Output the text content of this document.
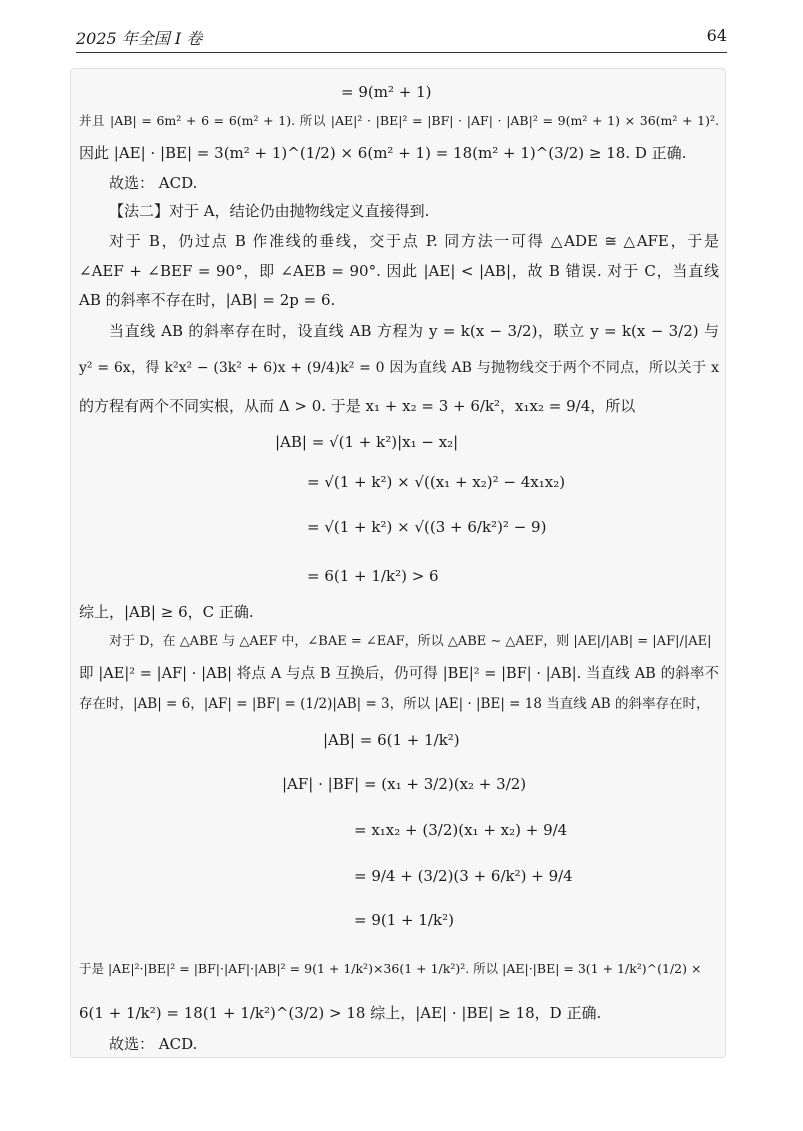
2025 年全国 I 卷	64
= 9(m² + 1)
并且 |AB| = 6m² + 6 = 6(m² + 1). 所以 |AE|² · |BE|² = |BF| · |AF| · |AB|² = 9(m² + 1) × 36(m² + 1)².
因此 |AE| · |BE| = 3(m² + 1)^(1/2) × 6(m² + 1) = 18(m² + 1)^(3/2) ≥ 18. D 正确.
故选： ACD.
【法二】对于 A，结论仍由抛物线定义直接得到.
对于 B，仍过点 B 作准线的垂线，交于点 P. 同方法一可得 △ADE ≅ △AFE，于是
∠AEF + ∠BEF = 90°，即 ∠AEB = 90°. 因此 |AE| < |AB|，故 B 错误. 对于 C，当直线
AB 的斜率不存在时，|AB| = 2p = 6.
当直线 AB 的斜率存在时，设直线 AB 方程为 y = k(x − 3/2)，联立 y = k(x − 3/2) 与
y² = 6x，得 k²x² − (3k² + 6)x + (9/4)k² = 0 因为直线 AB 与抛物线交于两个不同点，所以关于 x
的方程有两个不同实根，从而 Δ > 0. 于是 x₁ + x₂ = 3 + 6/k²，x₁x₂ = 9/4，所以
|AB| = √(1 + k²)|x₁ − x₂|
= √(1 + k²) × √((x₁ + x₂)² − 4x₁x₂)
= √(1 + k²) × √((3 + 6/k²)² − 9)
= 6(1 + 1/k²) > 6
综上，|AB| ≥ 6，C 正确.
对于 D，在 △ABE 与 △AEF 中，∠BAE = ∠EAF，所以 △ABE ∼ △AEF，则 |AE|/|AB| = |AF|/|AE|
即 |AE|² = |AF| · |AB| 将点 A 与点 B 互换后，仍可得 |BE|² = |BF| · |AB|. 当直线 AB 的斜率不
存在时，|AB| = 6，|AF| = |BF| = (1/2)|AB| = 3，所以 |AE| · |BE| = 18 当直线 AB 的斜率存在时，
|AB| = 6(1 + 1/k²)
|AF| · |BF| = (x₁ + 3/2)(x₂ + 3/2)
= x₁x₂ + (3/2)(x₁ + x₂) + 9/4
= 9/4 + (3/2)(3 + 6/k²) + 9/4
= 9(1 + 1/k²)
于是 |AE|²·|BE|² = |BF|·|AF|·|AB|² = 9(1 + 1/k²)×36(1 + 1/k²)². 所以 |AE|·|BE| = 3(1 + 1/k²)^(1/2) ×
6(1 + 1/k²) = 18(1 + 1/k²)^(3/2) > 18 综上，|AE| · |BE| ≥ 18，D 正确.
故选： ACD.
